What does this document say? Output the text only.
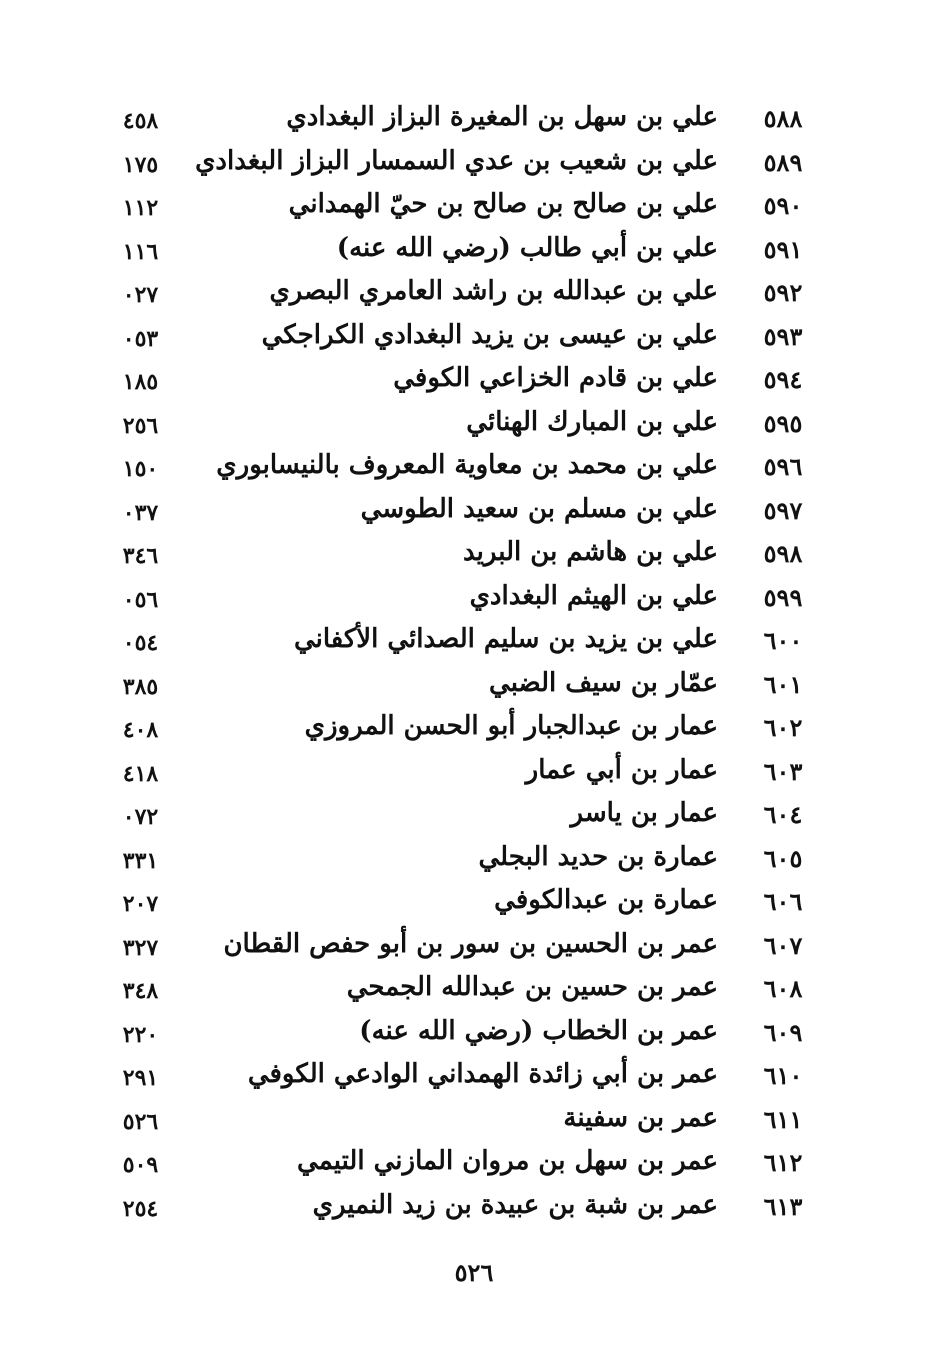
٥٨٨
علي بن سهل بن المغيرة البزاز البغدادي
٤٥٨
٥٨٩
علي بن شعيب بن عدي السمسار البزاز البغدادي
١٧٥
٥٩٠
علي بن صالح بن صالح بن حيّ الهمداني
١١٢
٥٩١
علي بن أبي طالب (رضي الله عنه)
١١٦
٥٩٢
علي بن عبدالله بن راشد العامري البصري
٠٢٧
٥٩٣
علي بن عيسى بن يزيد البغدادي الكراجكي
٠٥٣
٥٩٤
علي بن قادم الخزاعي الكوفي
١٨٥
٥٩٥
علي بن المبارك الهنائي
٢٥٦
٥٩٦
علي بن محمد بن معاوية المعروف بالنيسابوري
١٥٠
٥٩٧
علي بن مسلم بن سعيد الطوسي
٠٣٧
٥٩٨
علي بن هاشم بن البريد
٣٤٦
٥٩٩
علي بن الهيثم البغدادي
٠٥٦
٦٠٠
علي بن يزيد بن سليم الصدائي الأكفاني
٠٥٤
٦٠١
عمّار بن سيف الضبي
٣٨٥
٦٠٢
عمار بن عبدالجبار أبو الحسن المروزي
٤٠٨
٦٠٣
عمار بن أبي عمار
٤١٨
٦٠٤
عمار بن ياسر
٠٧٢
٦٠٥
عمارة بن حديد البجلي
٣٣١
٦٠٦
عمارة بن عبدالكوفي
٢٠٧
٦٠٧
عمر بن الحسين بن سور بن أبو حفص القطان
٣٢٧
٦٠٨
عمر بن حسين بن عبدالله الجمحي
٣٤٨
٦٠٩
عمر بن الخطاب (رضي الله عنه)
٢٢٠
٦١٠
عمر بن أبي زائدة الهمداني الوادعي الكوفي
٢٩١
٦١١
عمر بن سفينة
٥٢٦
٦١٢
عمر بن سهل بن مروان المازني التيمي
٥٠٩
٦١٣
عمر بن شبة بن عبيدة بن زيد النميري
٢٥٤
٥٢٦
